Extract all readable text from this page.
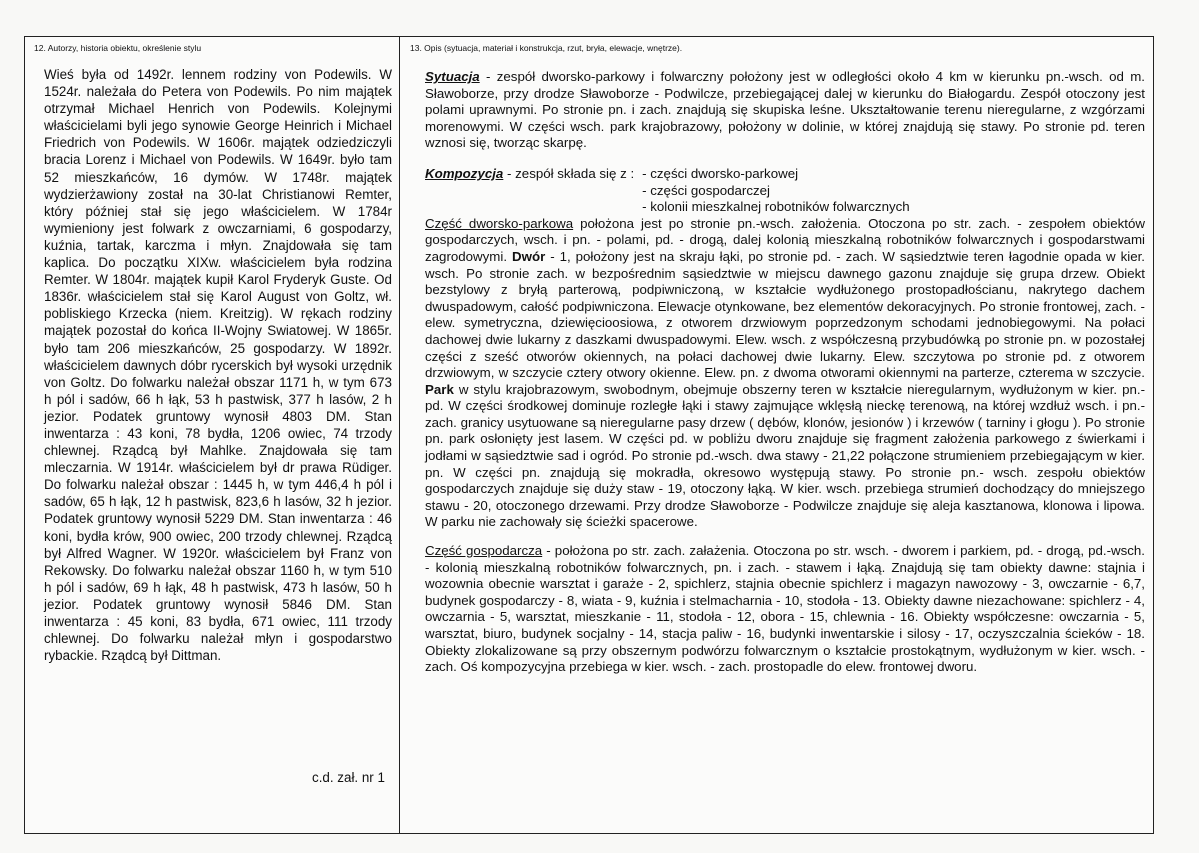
12. Autorzy, historia obiektu, określenie stylu	13. Opis (sytuacja, materiał i konstrukcja, rzut, bryła, elewacje, wnętrze).

Wieś była od 1492r. lennem rodziny von Podewils. W 1524r. należała do Petera von Podewils. Po nim majątek otrzymał Michael Henrich von Podewils. Kolejnymi właścicielami byli jego synowie George Heinrich i Michael Friedrich von Podewils. W 1606r. majątek odziedziczyli bracia Lorenz i Michael von Podewils. W 1649r. było tam 52 mieszkańców, 16 dymów. W 1748r. majątek wydzierżawiony został na 30-lat Christianowi Remter, który później stał się jego właścicielem. W 1784r wymieniony jest folwark z owczarniami, 6 gospodarzy, kuźnia, tartak, karczma i młyn. Znajdowała się tam kaplica. Do początku XIXw. właścicielem była rodzina Remter. W 1804r. majątek kupił Karol Fryderyk Guste. Od 1836r. właścicielem stał się Karol August von Goltz, wł. pobliskiego Krzecka (niem. Kreitzig). W rękach rodziny majątek pozostał do końca II-Wojny Swiatowej. W 1865r. było tam 206 mieszkańców, 25 gospodarzy. W 1892r. właścicielem dawnych dóbr rycerskich był wysoki urzędnik von Goltz. Do folwarku należał obszar 1171 h, w tym 673 h pól i sadów, 66 h łąk, 53 h pastwisk, 377 h lasów, 2 h jezior. Podatek gruntowy wynosił 4803 DM. Stan inwentarza : 43 koni, 78 bydła, 1206 owiec, 74 trzody chlewnej. Rządcą był Mahlke. Znajdowała się tam mleczarnia. W 1914r. właścicielem był dr prawa Rüdiger. Do folwarku należał obszar : 1445 h, w tym 446,4 h pól i sadów, 65 h łąk, 12 h pastwisk, 823,6 h lasów, 32 h jezior. Podatek gruntowy wynosił 5229 DM. Stan inwentarza : 46 koni, bydła krów, 900 owiec, 200 trzody chlewnej. Rządcą był Alfred Wagner. W 1920r. właścicielem był Franz von Rekowsky. Do folwarku należał obszar 1160 h, w tym 510 h pól i sadów, 69 h łąk, 48 h pastwisk, 473 h lasów, 50 h jezior. Podatek gruntowy wynosił 5846 DM. Stan inwentarza : 45 koni, 83 bydła, 671 owiec, 111 trzody chlewnej. Do folwarku należał młyn i gospodarstwo rybackie. Rządcą był Dittman.

c.d. zał. nr 1

Sytuacja - zespół dworsko-parkowy i folwarczny położony jest w odległości około 4 km w kierunku pn.-wsch. od m. Sławoborze, przy drodze Sławoborze - Podwilcze, przebiegającej dalej w kierunku do Białogardu. Zespół otoczony jest polami uprawnymi. Po stronie pn. i zach. znajdują się skupiska leśne. Ukształtowanie terenu nieregularne, z wzgórzami morenowymi. W części wsch. park krajobrazowy, położony w dolinie, w której znajdują się stawy. Po stronie pd. teren wznosi się, tworząc skarpę.

Kompozycja - zespół składa się z : - części dworsko-parkowej
- części gospodarczej
- kolonii mieszkalnej robotników folwarcznych

Część dworsko-parkowa położona jest po stronie pn.-wsch. założenia. Otoczona po str. zach. - zespołem obiektów gospodarczych, wsch. i pn. - polami, pd. - drogą, dalej kolonią mieszkalną robotników folwarcznych i gospodarstwami zagrodowymi. Dwór - 1, położony jest na skraju łąki, po stronie pd. - zach. W sąsiedztwie teren łagodnie opada w kier. wsch. Po stronie zach. w bezpośrednim sąsiedztwie w miejscu dawnego gazonu znajduje się grupa drzew. Obiekt bezstylowy z bryłą parterową, podpiwniczoną, w kształcie wydłużonego prostopadłościanu, nakrytego dachem dwuspadowym, całość podpiwniczona. Elewacje otynkowane, bez elementów dekoracyjnych. Po stronie frontowej, zach. - elew. symetryczna, dziewięcioosiowa, z otworem drzwiowym poprzedzonym schodami jednobiegowymi. Na połaci dachowej dwie lukarny z daszkami dwuspadowymi. Elew. wsch. z współczesną przybudówką po stronie pn. w pozostałej części z sześć otworów okiennych, na połaci dachowej dwie lukarny. Elew. szczytowa po stronie pd. z otworem drzwiowym, w szczycie cztery otwory okienne. Elew. pn. z dwoma otworami okiennymi na parterze, czterema w szczycie. Park w stylu krajobrazowym, swobodnym, obejmuje obszerny teren w kształcie nieregularnym, wydłużonym w kier. pn.-pd. W części środkowej dominuje rozległe łąki i stawy zajmujące wklęsłą nieckę terenową, na której wzdłuż wsch. i pn.- zach. granicy usytuowane są nieregularne pasy drzew ( dębów, klonów, jesionów ) i krzewów ( tarniny i głogu ). Po stronie pn. park osłonięty jest lasem. W części pd. w pobliżu dworu znajduje się fragment założenia parkowego z świerkami i jodłami w sąsiedztwie sad i ogród. Po stronie pd.-wsch. dwa stawy - 21,22 połączone strumieniem przebiegającym w kier. pn. W części pn. znajdują się mokradła, okresowo występują stawy. Po stronie pn.- wsch. zespołu obiektów gospodarczych znajduje się duży staw - 19, otoczony łąką. W kier. wsch. przebiega strumień dochodzący do mniejszego stawu - 20, otoczonego drzewami. Przy drodze Sławoborze - Podwilcze znajduje się aleja kasztanowa, klonowa i lipowa. W parku nie zachowały się ścieżki spacerowe.

Część gospodarcza - położona po str. zach. załażenia. Otoczona po str. wsch. - dworem i parkiem, pd. - drogą, pd.-wsch. - kolonią mieszkalną robotników folwarcznych, pn. i zach. - stawem i łąką. Znajdują się tam obiekty dawne: stajnia i wozownia obecnie warsztat i garaże - 2, spichlerz, stajnia obecnie spichlerz i magazyn nawozowy - 3, owczarnie - 6,7, budynek gospodarczy - 8, wiata - 9, kuźnia i stelmacharnia - 10, stodoła - 13. Obiekty dawne niezachowane: spichlerz - 4, owczarnia - 5, warsztat, mieszkanie - 11, stodoła - 12, obora - 15, chlewnia - 16. Obiekty współczesne: owczarnia - 5, warsztat, biuro, budynek socjalny - 14, stacja paliw - 16, budynki inwentarskie i silosy - 17, oczyszczalnia ścieków - 18. Obiekty zlokalizowane są przy obszernym podwórzu folwarcznym o kształcie prostokątnym, wydłużonym w kier. wsch. - zach. Oś kompozycyjna przebiega w kier. wsch. - zach. prostopadle do elew. frontowej dworu.
